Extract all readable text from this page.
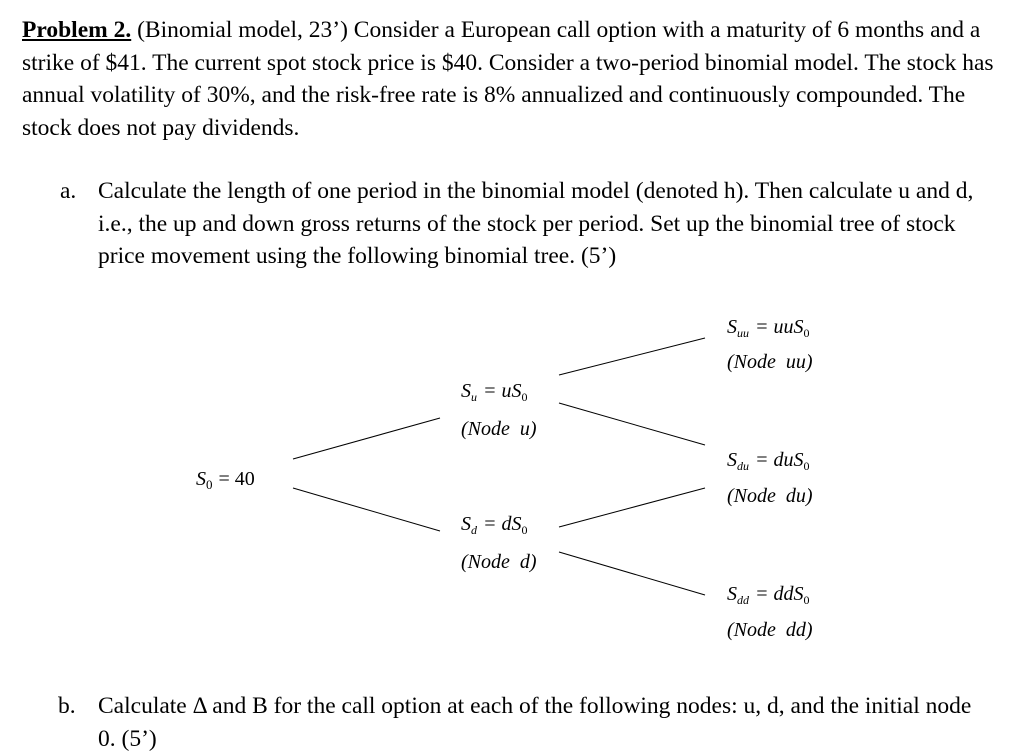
Problem 2. (Binomial model, 23’) Consider a European call option with a maturity of 6 months and a strike of $41. The current spot stock price is $40. Consider a two-period binomial model. The stock has annual volatility of 30%, and the risk-free rate is 8% annualized and continuously compounded. The stock does not pay dividends.

a. Calculate the length of one period in the binomial model (denoted h). Then calculate u and d, i.e., the up and down gross returns of the stock per period. Set up the binomial tree of stock price movement using the following binomial tree. (5’)
$S_0 = 40$
$S_u = uS_0$
(Node  u)
$S_d = dS_0$
(Node  d)
$S_{uu} = uuS_0$
(Node  uu)
$S_{du} = duS_0$
(Node  du)
$S_{dd} = ddS_0$
(Node  dd)
b. Calculate Δ and B for the call option at each of the following nodes: u, d, and the initial node 0. (5’)
